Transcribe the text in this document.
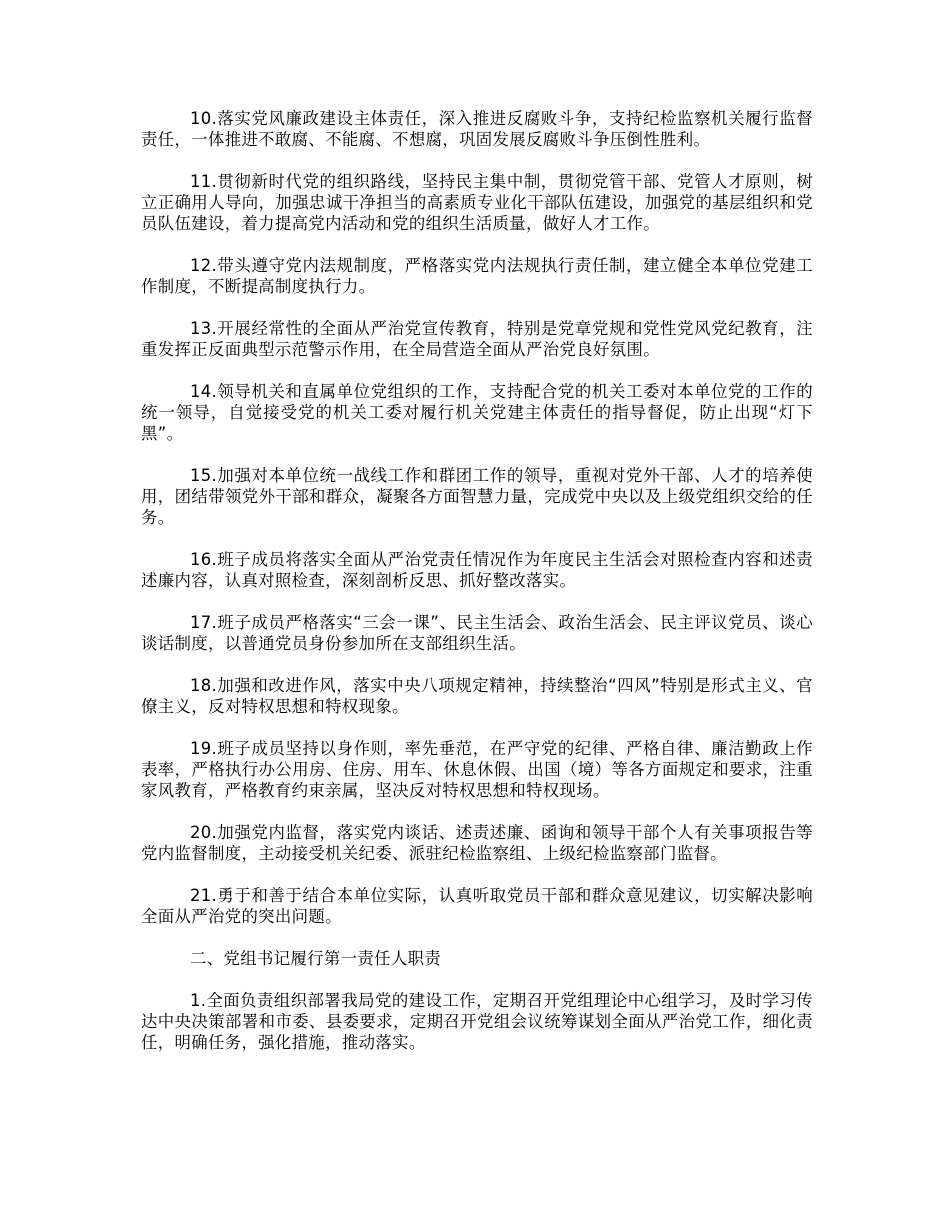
10.落实党风廉政建设主体责任，深入推进反腐败斗争，支持纪检监察机关履行监督责任，一体推进不敢腐、不能腐、不想腐，巩固发展反腐败斗争压倒性胜利。

11.贯彻新时代党的组织路线，坚持民主集中制，贯彻党管干部、党管人才原则，树立正确用人导向，加强忠诚干净担当的高素质专业化干部队伍建设，加强党的基层组织和党员队伍建设，着力提高党内活动和党的组织生活质量，做好人才工作。

12.带头遵守党内法规制度，严格落实党内法规执行责任制，建立健全本单位党建工作制度，不断提高制度执行力。

13.开展经常性的全面从严治党宣传教育，特别是党章党规和党性党风党纪教育，注重发挥正反面典型示范警示作用，在全局营造全面从严治党良好氛围。

14.领导机关和直属单位党组织的工作，支持配合党的机关工委对本单位党的工作的统一领导，自觉接受党的机关工委对履行机关党建主体责任的指导督促，防止出现“灯下黑”。

15.加强对本单位统一战线工作和群团工作的领导，重视对党外干部、人才的培养使用，团结带领党外干部和群众，凝聚各方面智慧力量，完成党中央以及上级党组织交给的任务。

16.班子成员将落实全面从严治党责任情况作为年度民主生活会对照检查内容和述责述廉内容，认真对照检查，深刻剖析反思、抓好整改落实。

17.班子成员严格落实“三会一课”、民主生活会、政治生活会、民主评议党员、谈心谈话制度，以普通党员身份参加所在支部组织生活。

18.加强和改进作风，落实中央八项规定精神，持续整治“四风”特别是形式主义、官僚主义，反对特权思想和特权现象。

19.班子成员坚持以身作则，率先垂范，在严守党的纪律、严格自律、廉洁勤政上作表率，严格执行办公用房、住房、用车、休息休假、出国（境）等各方面规定和要求，注重家风教育，严格教育约束亲属，坚决反对特权思想和特权现场。

20.加强党内监督，落实党内谈话、述责述廉、函询和领导干部个人有关事项报告等党内监督制度，主动接受机关纪委、派驻纪检监察组、上级纪检监察部门监督。

21.勇于和善于结合本单位实际，认真听取党员干部和群众意见建议，切实解决影响全面从严治党的突出问题。

二、党组书记履行第一责任人职责

1.全面负责组织部署我局党的建设工作，定期召开党组理论中心组学习，及时学习传达中央决策部署和市委、县委要求，定期召开党组会议统筹谋划全面从严治党工作，细化责任，明确任务，强化措施，推动落实。
